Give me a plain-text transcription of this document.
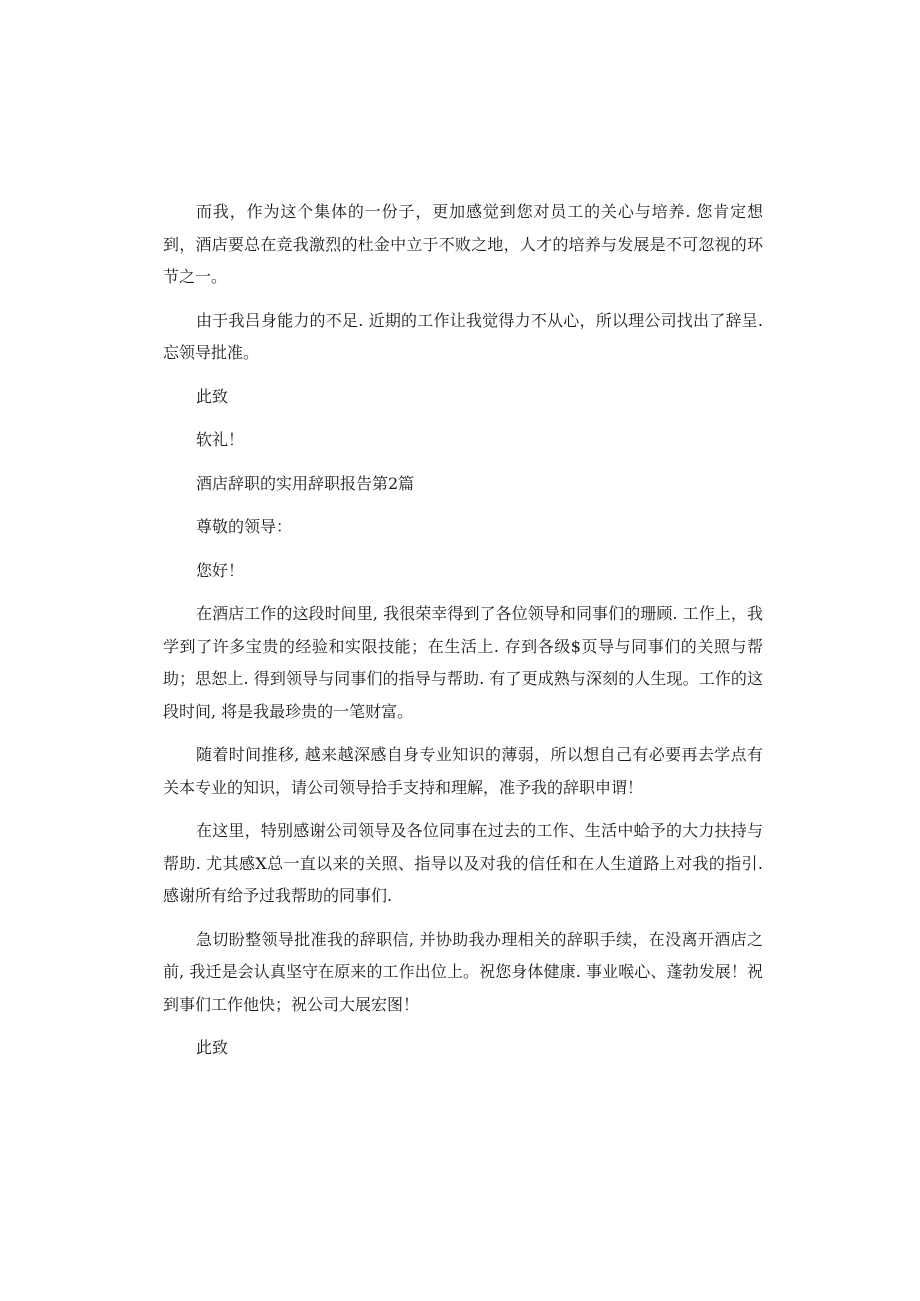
而我，作为这个集体的一份子，更加感觉到您对员工的关心与培养. 您肯定想到，酒店要总在竞我激烈的杜金中立于不败之地，人才的培养与发展是不可忽视的环节之一。

由于我吕身能力的不足. 近期的工作让我觉得力不从心，所以理公司找出了辞呈. 忘领导批准。

此致

软礼！

酒店辞职的实用辞职报告第2篇

尊敬的领导：

您好！

在酒店工作的这段时间里, 我很荣幸得到了各位领导和同事们的珊顾. 工作上，我学到了许多宝贵的经验和实限技能；在生活上. 存到各级$页导与同事们的关照与帮助；思恕上. 得到领导与同事们的指导与帮助. 有了更成熟与深刻的人生现。工作的这段时间, 将是我最珍贵的一笔财富。

随着时间推移, 越来越深感自身专业知识的薄弱，所以想自己有必要再去学点有关本专业的知识，请公司领导拾手支持和理解，准予我的辞职申谓！

在这里，特别感谢公司领导及各位同事在过去的工作、生活中蛤予的大力扶持与帮助. 尤其感X总一直以来的关照、指导以及对我的信任和在人生道路上对我的指引. 感谢所有给予过我帮助的同事们.

急切盼整领导批准我的辞职信, 并协助我办理相关的辞职手续，在没离开酒店之前, 我迁是会认真坚守在原来的工作出位上。祝您身体健康. 事业喉心、蓬勃发展！祝到事们工作他快；祝公司大展宏图！

此致
